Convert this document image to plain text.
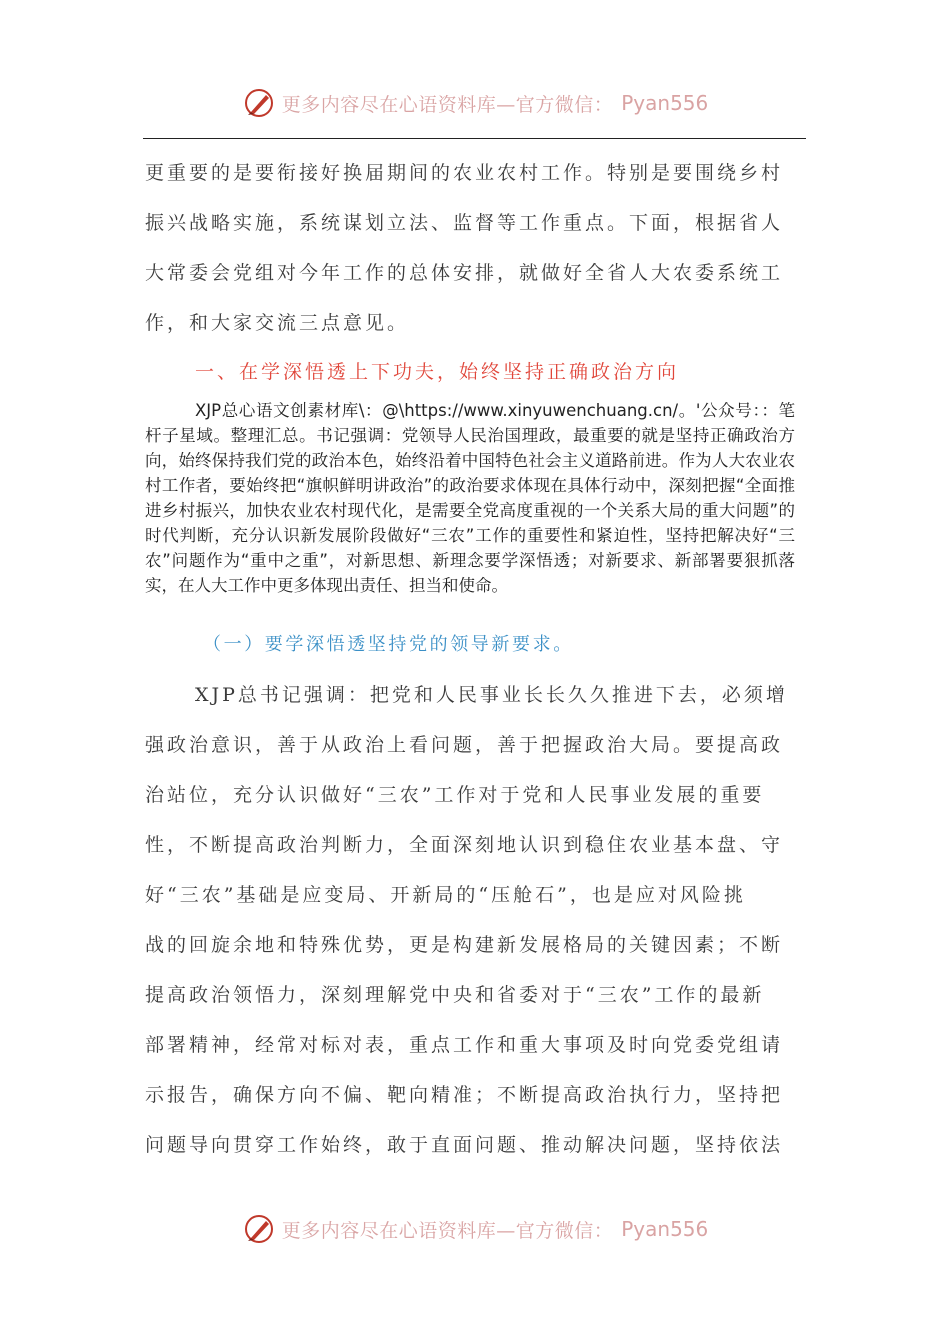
更多内容尽在心语资料库—官方微信： Pyan556

更重要的是要衔接好换届期间的农业农村工作。特别是要围绕乡村

振兴战略实施，系统谋划立法、监督等工作重点。下面，根据省人

大常委会党组对今年工作的总体安排，就做好全省人大农委系统工

作，和大家交流三点意见。

一、在学深悟透上下功夫，始终坚持正确政治方向

XJP总心语文创素材库\：@\https://www.xinyuwenchuang.cn/。'公众号：：笔杆子星域。整理汇总。书记强调：党领导人民治国理政，最重要的就是坚持正确政治方向，始终保持我们党的政治本色，始终沿着中国特色社会主义道路前进。作为人大农业农村工作者，要始终把“旗帜鲜明讲政治”的政治要求体现在具体行动中，深刻把握“全面推进乡村振兴，加快农业农村现代化，是需要全党高度重视的一个关系大局的重大问题”的时代判断，充分认识新发展阶段做好“三农”工作的重要性和紧迫性，坚持把解决好“三农”问题作为“重中之重”，对新思想、新理念要学深悟透；对新要求、新部署要狠抓落实，在人大工作中更多体现出责任、担当和使命。

（一）要学深悟透坚持党的领导新要求。

XJP总书记强调：把党和人民事业长长久久推进下去，必须增

强政治意识，善于从政治上看问题，善于把握政治大局。要提高政

治站位，充分认识做好“三农”工作对于党和人民事业发展的重要

性，不断提高政治判断力，全面深刻地认识到稳住农业基本盘、守

好“三农”基础是应变局、开新局的“压舱石”，也是应对风险挑

战的回旋余地和特殊优势，更是构建新发展格局的关键因素；不断

提高政治领悟力，深刻理解党中央和省委对于“三农”工作的最新

部署精神，经常对标对表，重点工作和重大事项及时向党委党组请

示报告，确保方向不偏、靶向精准；不断提高政治执行力，坚持把

问题导向贯穿工作始终，敢于直面问题、推动解决问题，坚持依法

更多内容尽在心语资料库—官方微信： Pyan556
